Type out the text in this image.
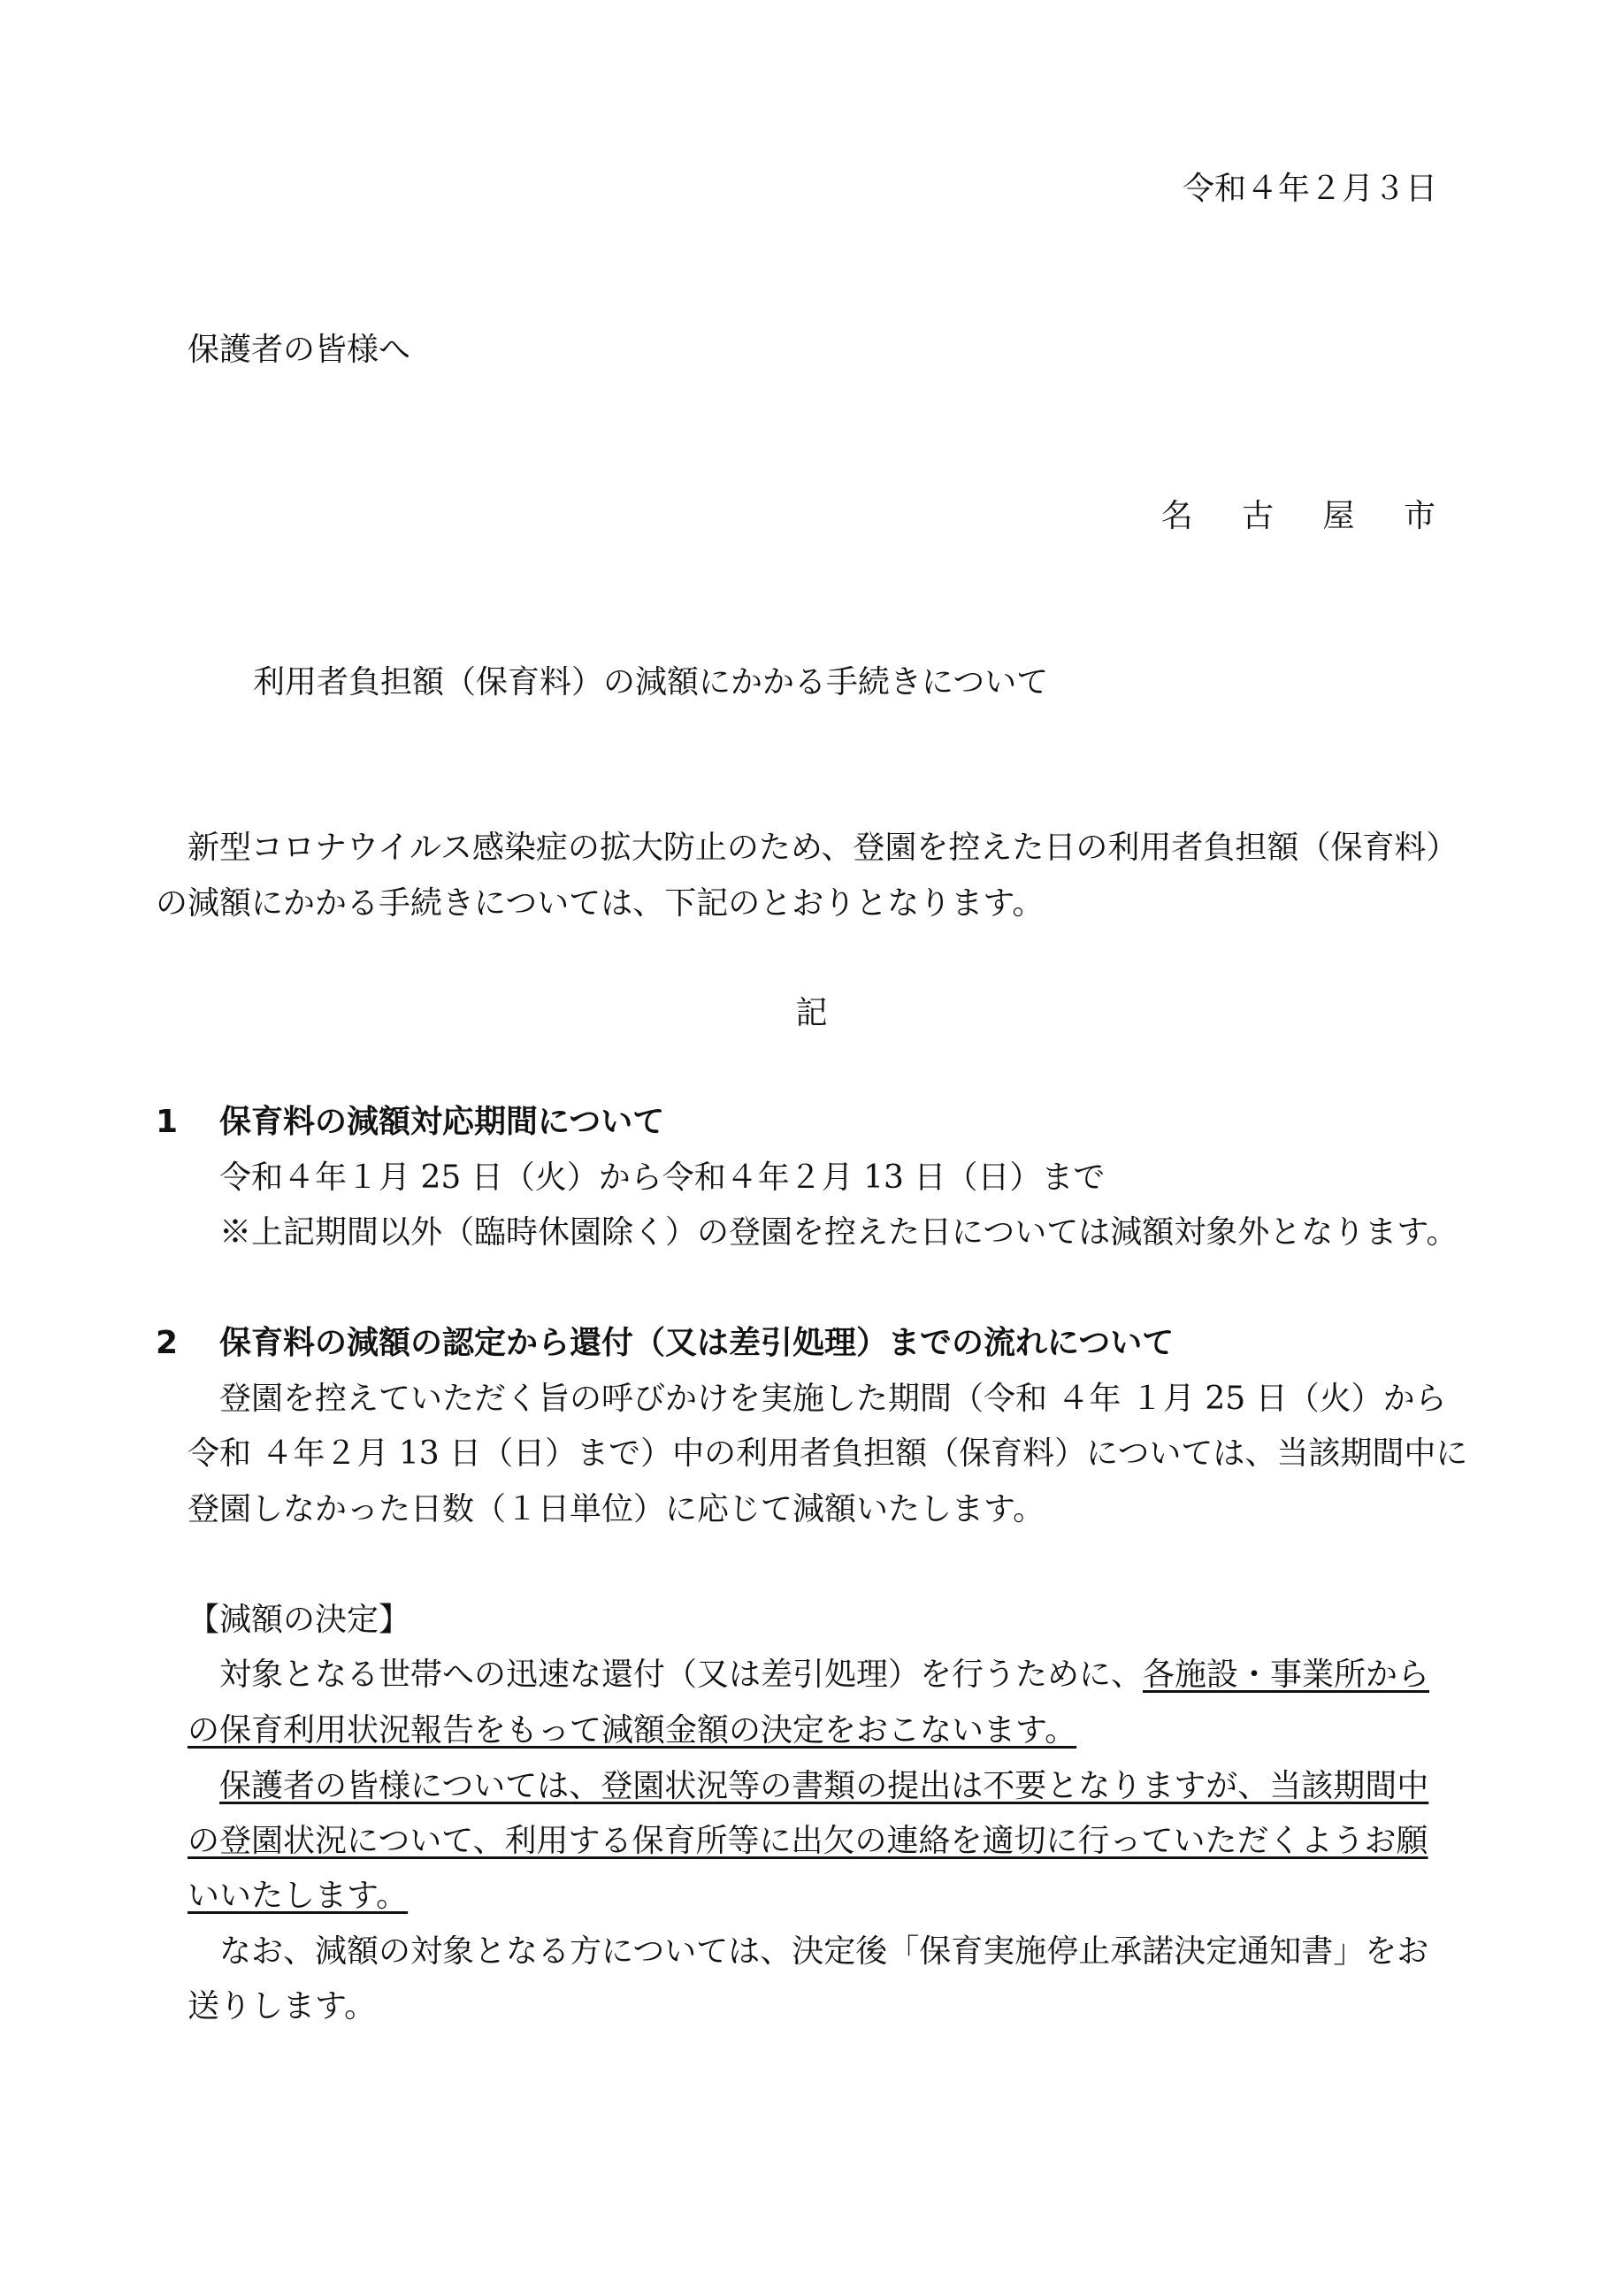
令和４年２月３日
保護者の皆様へ
名 古 屋 市
利用者負担額（保育料）の減額にかかる手続きについて
新型コロナウイルス感染症の拡大防止のため、登園を控えた日の利用者負担額（保育料）
の減額にかかる手続きについては、下記のとおりとなります。
記
1 保育料の減額対応期間について
令和４年１月 25 日（火）から令和４年２月 13 日（日）まで
※上記期間以外（臨時休園除く）の登園を控えた日については減額対象外となります。
2 保育料の減額の認定から還付（又は差引処理）までの流れについて
登園を控えていただく旨の呼びかけを実施した期間（令和 ４年 １月 25 日（火）から
令和 ４年２月 13 日（日）まで）中の利用者負担額（保育料）については、当該期間中に
登園しなかった日数（１日単位）に応じて減額いたします。
【減額の決定】
対象となる世帯への迅速な還付（又は差引処理）を行うために、各施設・事業所から
の保育利用状況報告をもって減額金額の決定をおこないます。
保護者の皆様については、登園状況等の書類の提出は不要となりますが、当該期間中
の登園状況について、利用する保育所等に出欠の連絡を適切に行っていただくようお願
いいたします。
なお、減額の対象となる方については、決定後「保育実施停止承諾決定通知書」をお
送りします。
